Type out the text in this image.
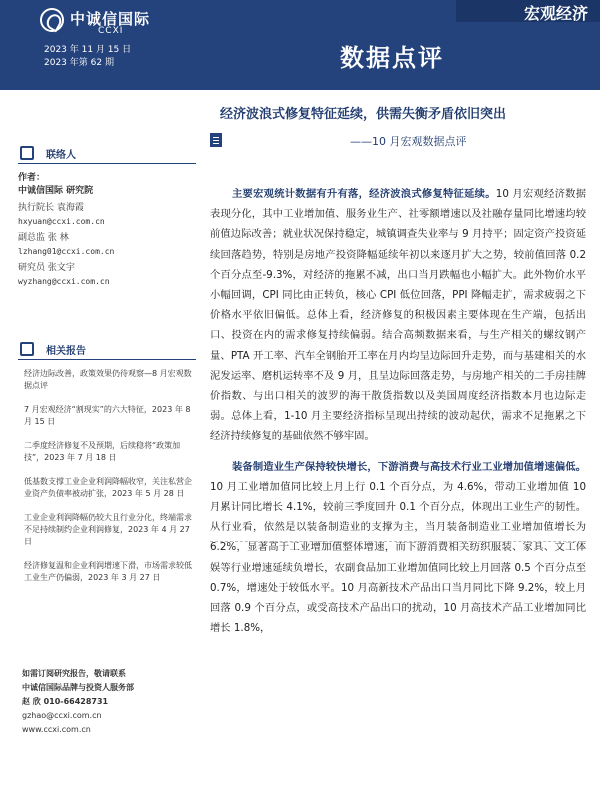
中诚信国际
CCXI
宏观经济
2023 年 11 月 15 日
2023 年第 62 期	数据点评
经济波浪式修复特征延续，供需失衡矛盾依旧突出
——10 月宏观数据点评
联络人
作者：
中诚信国际 研究院
执行院长 袁海霞
hxyuan@ccxi.com.cn
副总监 张 林
lzhang01@ccxi.com.cn
研究员 张文宇
wyzhang@ccxi.com.cn
相关报告
经济边际改善，政策效果仍待观察—8 月宏观数据点评
7 月宏观经济“割现实”的六大特征，2023 年 8 月 15 日
二季度经济修复不及预期，后续稳将“政策加技”，2023 年 7 月 18 日
低基数支撑工业企业利润降幅收窄，关注私营企业资产负债率被动扩张，2023 年 5 月 28 日
工业企业利润降幅仍较大且行业分化，终端需求不足持续制约企业利润修复，2023 年 4 月 27 日
经济修复温和企业利润增速下滑，市场需求较低工业生产仍偏弱，2023 年 3 月 27 日
如需订阅研究报告，敬请联系
中诚信国际品牌与投资人服务部
赵 欣 010-66428731
gzhao@ccxi.com.cn
www.ccxi.com.cn

主要宏观统计数据有升有落，经济波浪式修复特征延续。10 月宏观经济数据表现分化，其中工业增加值、服务业生产、社零额增速以及社融存量同比增速均较前值边际改善；就业状况保持稳定，城镇调查失业率与 9 月持平；固定资产投资延续回落趋势，特别是房地产投资降幅延续年初以来逐月扩大之势，较前值回落 0.2 个百分点至-9.3%，对经济的拖累不减，出口当月跌幅也小幅扩大。此外物价水平小幅回调，CPI 同比由正转负，核心 CPI 低位回落，PPI 降幅走扩，需求疲弱之下价格水平依旧偏低。总体上看，经济修复的积极因素主要体现在生产端，包括出口、投资在内的需求修复持续偏弱。结合高频数据来看，与生产相关的螺纹钢产量、PTA 开工率、汽车全钢胎开工率在月内均呈边际回升走势，而与基建相关的水泥发运率、磨机运转率不及 9 月，且呈边际回落走势，与房地产相关的二手房挂牌价指数、与出口相关的波罗的海干散货指数以及美国周度经济指数本月也边际走弱。总体上看，1-10 月主要经济指标呈现出持续的波动起伏，需求不足拖累之下经济持续修复的基础依然不够牢固。

装备制造业生产保持较快增长，下游消费与高技术行业工业增加值增速偏低。10 月工业增加值同比较上月上行 0.1 个百分点，为 4.6%，带动工业增加值 10 月累计同比增长 4.1%，较前三季度回升 0.1 个百分点，体现出工业生产的韧性。从行业看，依然是以装备制造业的支撑为主，当月装备制造业工业增加值增长为 6.2%，显著高于工业增加值整体增速，而下游消费相关纺织服装、家具、文工体娱等行业增速延续负增长，农副食品加工业增加值同比较上月回落 0.5 个百分点至 0.7%，增速处于较低水平。10 月高新技术产品出口当月同比下降 9.2%，较上月回落 0.9 个百分点，或受高技术产品出口的扰动，10 月高技术产品工业增加同比增长 1.8%，
